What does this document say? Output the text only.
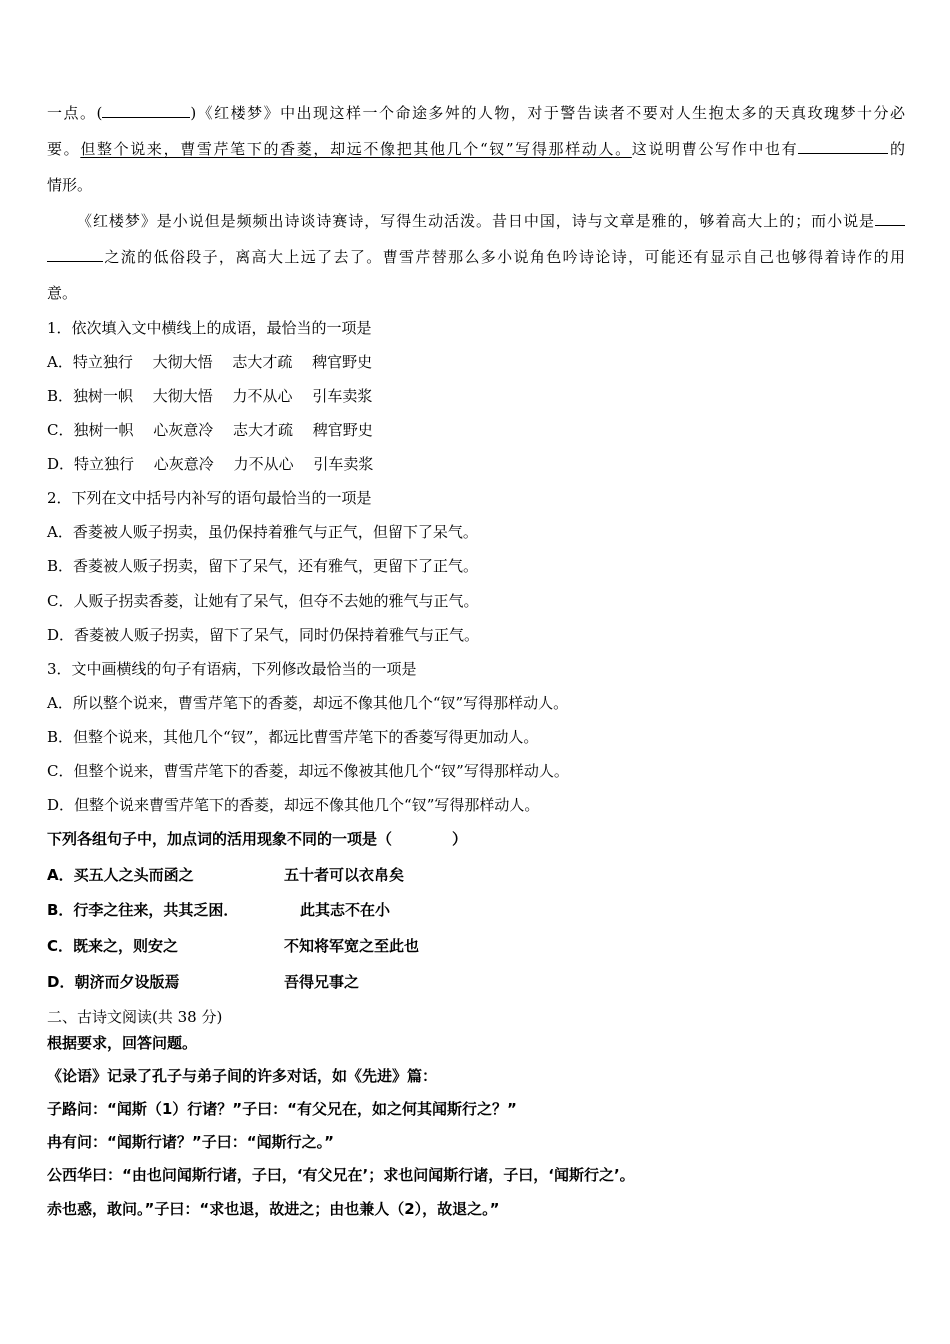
一点。(	)《红楼梦》中出现这样一个命途多舛的人物，对于警告读者不要对人生抱太多的天真玫瑰梦十分必
要。但整个说来，曹雪芹笔下的香菱，却远不像把其他几个“钗”写得那样动人。这说明曹公写作中也有	的
情形。
《红楼梦》是小说但是频频出诗谈诗赛诗，写得生动活泼。昔日中国，诗与文章是雅的，够着高大上的；而小说是
之流的低俗段子，离高大上远了去了。曹雪芹替那么多小说角色吟诗论诗，可能还有显示自己也够得着诗作的用
意。
1．依次填入文中横线上的成语，最恰当的一项是
A．特立独行　 大彻大悟　 志大才疏　 稗官野史
B．独树一帜　 大彻大悟　 力不从心　 引车卖浆
C．独树一帜　 心灰意冷　 志大才疏　 稗官野史
D．特立独行　 心灰意冷　 力不从心　 引车卖浆
2．下列在文中括号内补写的语句最恰当的一项是
A．香菱被人贩子拐卖，虽仍保持着雅气与正气，但留下了呆气。
B．香菱被人贩子拐卖，留下了呆气，还有雅气，更留下了正气。
C．人贩子拐卖香菱，让她有了呆气，但夺不去她的雅气与正气。
D．香菱被人贩子拐卖，留下了呆气，同时仍保持着雅气与正气。
3．文中画横线的句子有语病，下列修改最恰当的一项是
A．所以整个说来，曹雪芹笔下的香菱，却远不像其他几个“钗”写得那样动人。
B．但整个说来，其他几个“钗”，都远比曹雪芹笔下的香菱写得更加动人。
C．但整个说来，曹雪芹笔下的香菱，却远不像被其他几个“钗”写得那样动人。
D．但整个说来曹雪芹笔下的香菱，却远不像其他几个“钗”写得那样动人。
下列各组句子中，加点词的活用现象不同的一项是（　　　　）
A．买五人之头而函之	五十者可以衣帛矣
B．行李之往来，共其乏困．	此其志不在小
C．既来之，则安之	不知将军宽之至此也
D．朝济而夕设版焉	吾得兄事之
二、古诗文阅读(共 38 分)
根据要求，回答问题。
《论语》记录了孔子与弟子间的许多对话，如《先进》篇：
子路问：“闻斯（1）行诸？”子曰：“有父兄在，如之何其闻斯行之？”
冉有问：“闻斯行诸？”子曰：“闻斯行之。”
公西华曰：“由也问闻斯行诸，子曰，‘有父兄在’；求也问闻斯行诸，子曰，‘闻斯行之’。
赤也惑，敢问。”子曰：“求也退，故进之；由也兼人（2），故退之。”
